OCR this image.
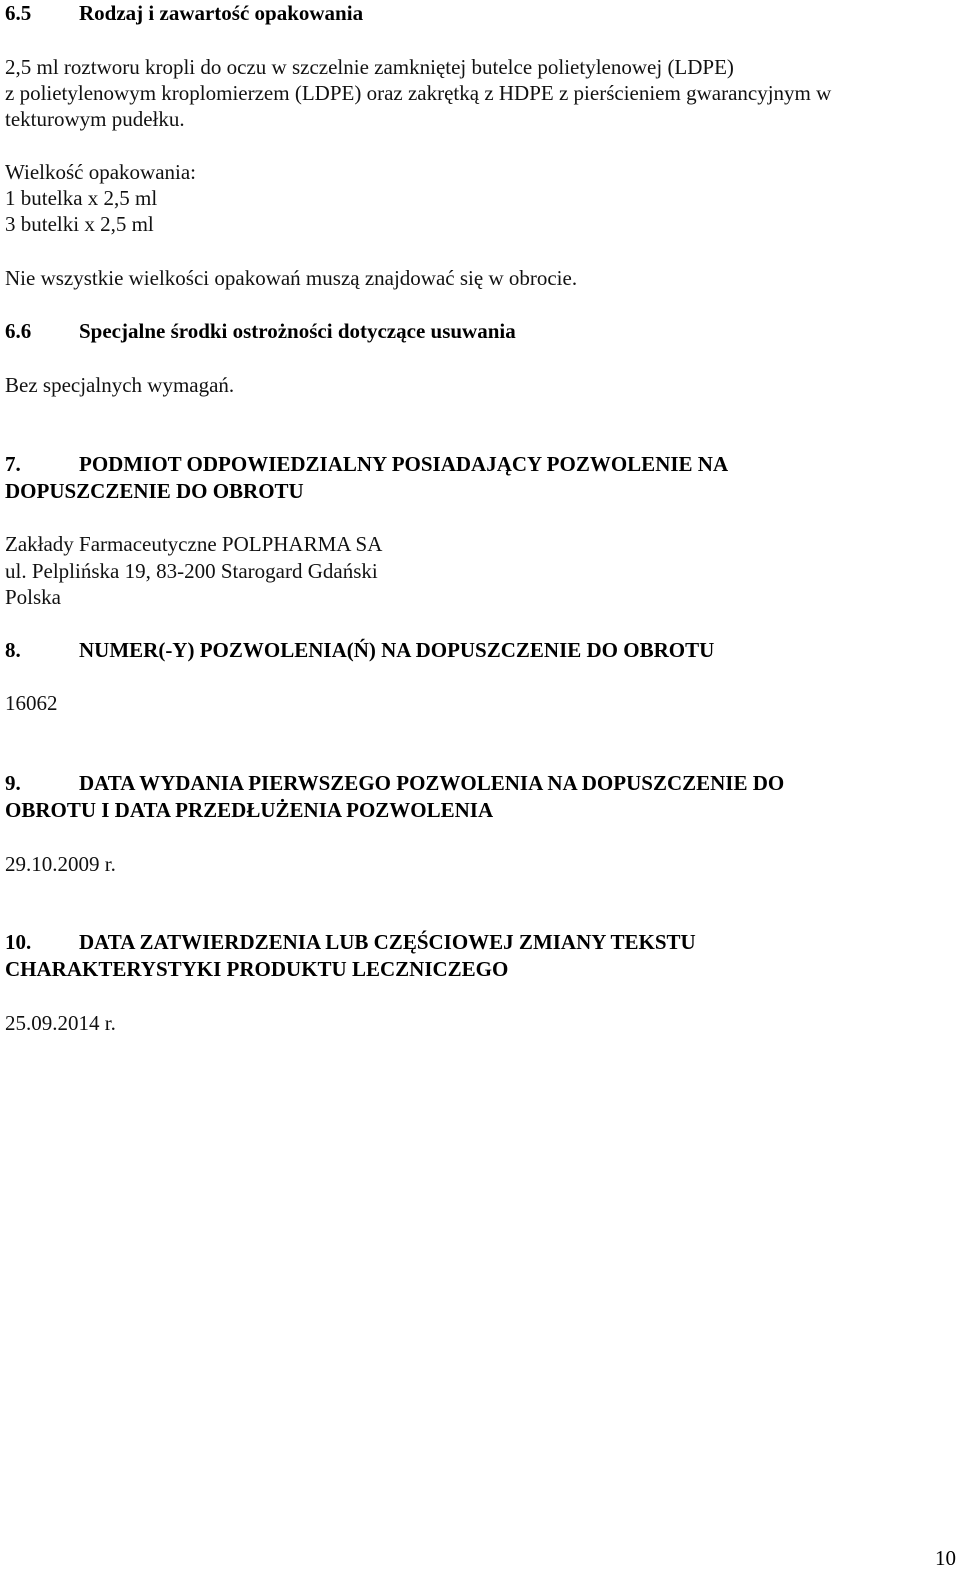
6.5 Rodzaj i zawartość opakowania
2,5 ml roztworu kropli do oczu w szczelnie zamkniętej butelce polietylenowej (LDPE)
z polietylenowym kroplomierzem (LDPE) oraz zakrętką z HDPE z pierścieniem gwarancyjnym w
tekturowym pudełku.
Wielkość opakowania:
1 butelka x 2,5 ml
3 butelki x 2,5 ml
Nie wszystkie wielkości opakowań muszą znajdować się w obrocie.
6.6 Specjalne środki ostrożności dotyczące usuwania
Bez specjalnych wymagań.
7.	PODMIOT ODPOWIEDZIALNY POSIADAJĄCY POZWOLENIE NA
DOPUSZCZENIE DO OBROTU
Zakłady Farmaceutyczne POLPHARMA SA
ul. Pelplińska 19, 83-200 Starogard Gdański
Polska
8.	NUMER(-Y) POZWOLENIA(Ń) NA DOPUSZCZENIE DO OBROTU
16062
9.	DATA WYDANIA PIERWSZEGO POZWOLENIA NA DOPUSZCZENIE DO
OBROTU I DATA PRZEDŁUŻENIA POZWOLENIA
29.10.2009 r.
10. DATA ZATWIERDZENIA LUB CZĘŚCIOWEJ ZMIANY TEKSTU
CHARAKTERYSTYKI PRODUKTU LECZNICZEGO
25.09.2014 r.
10
